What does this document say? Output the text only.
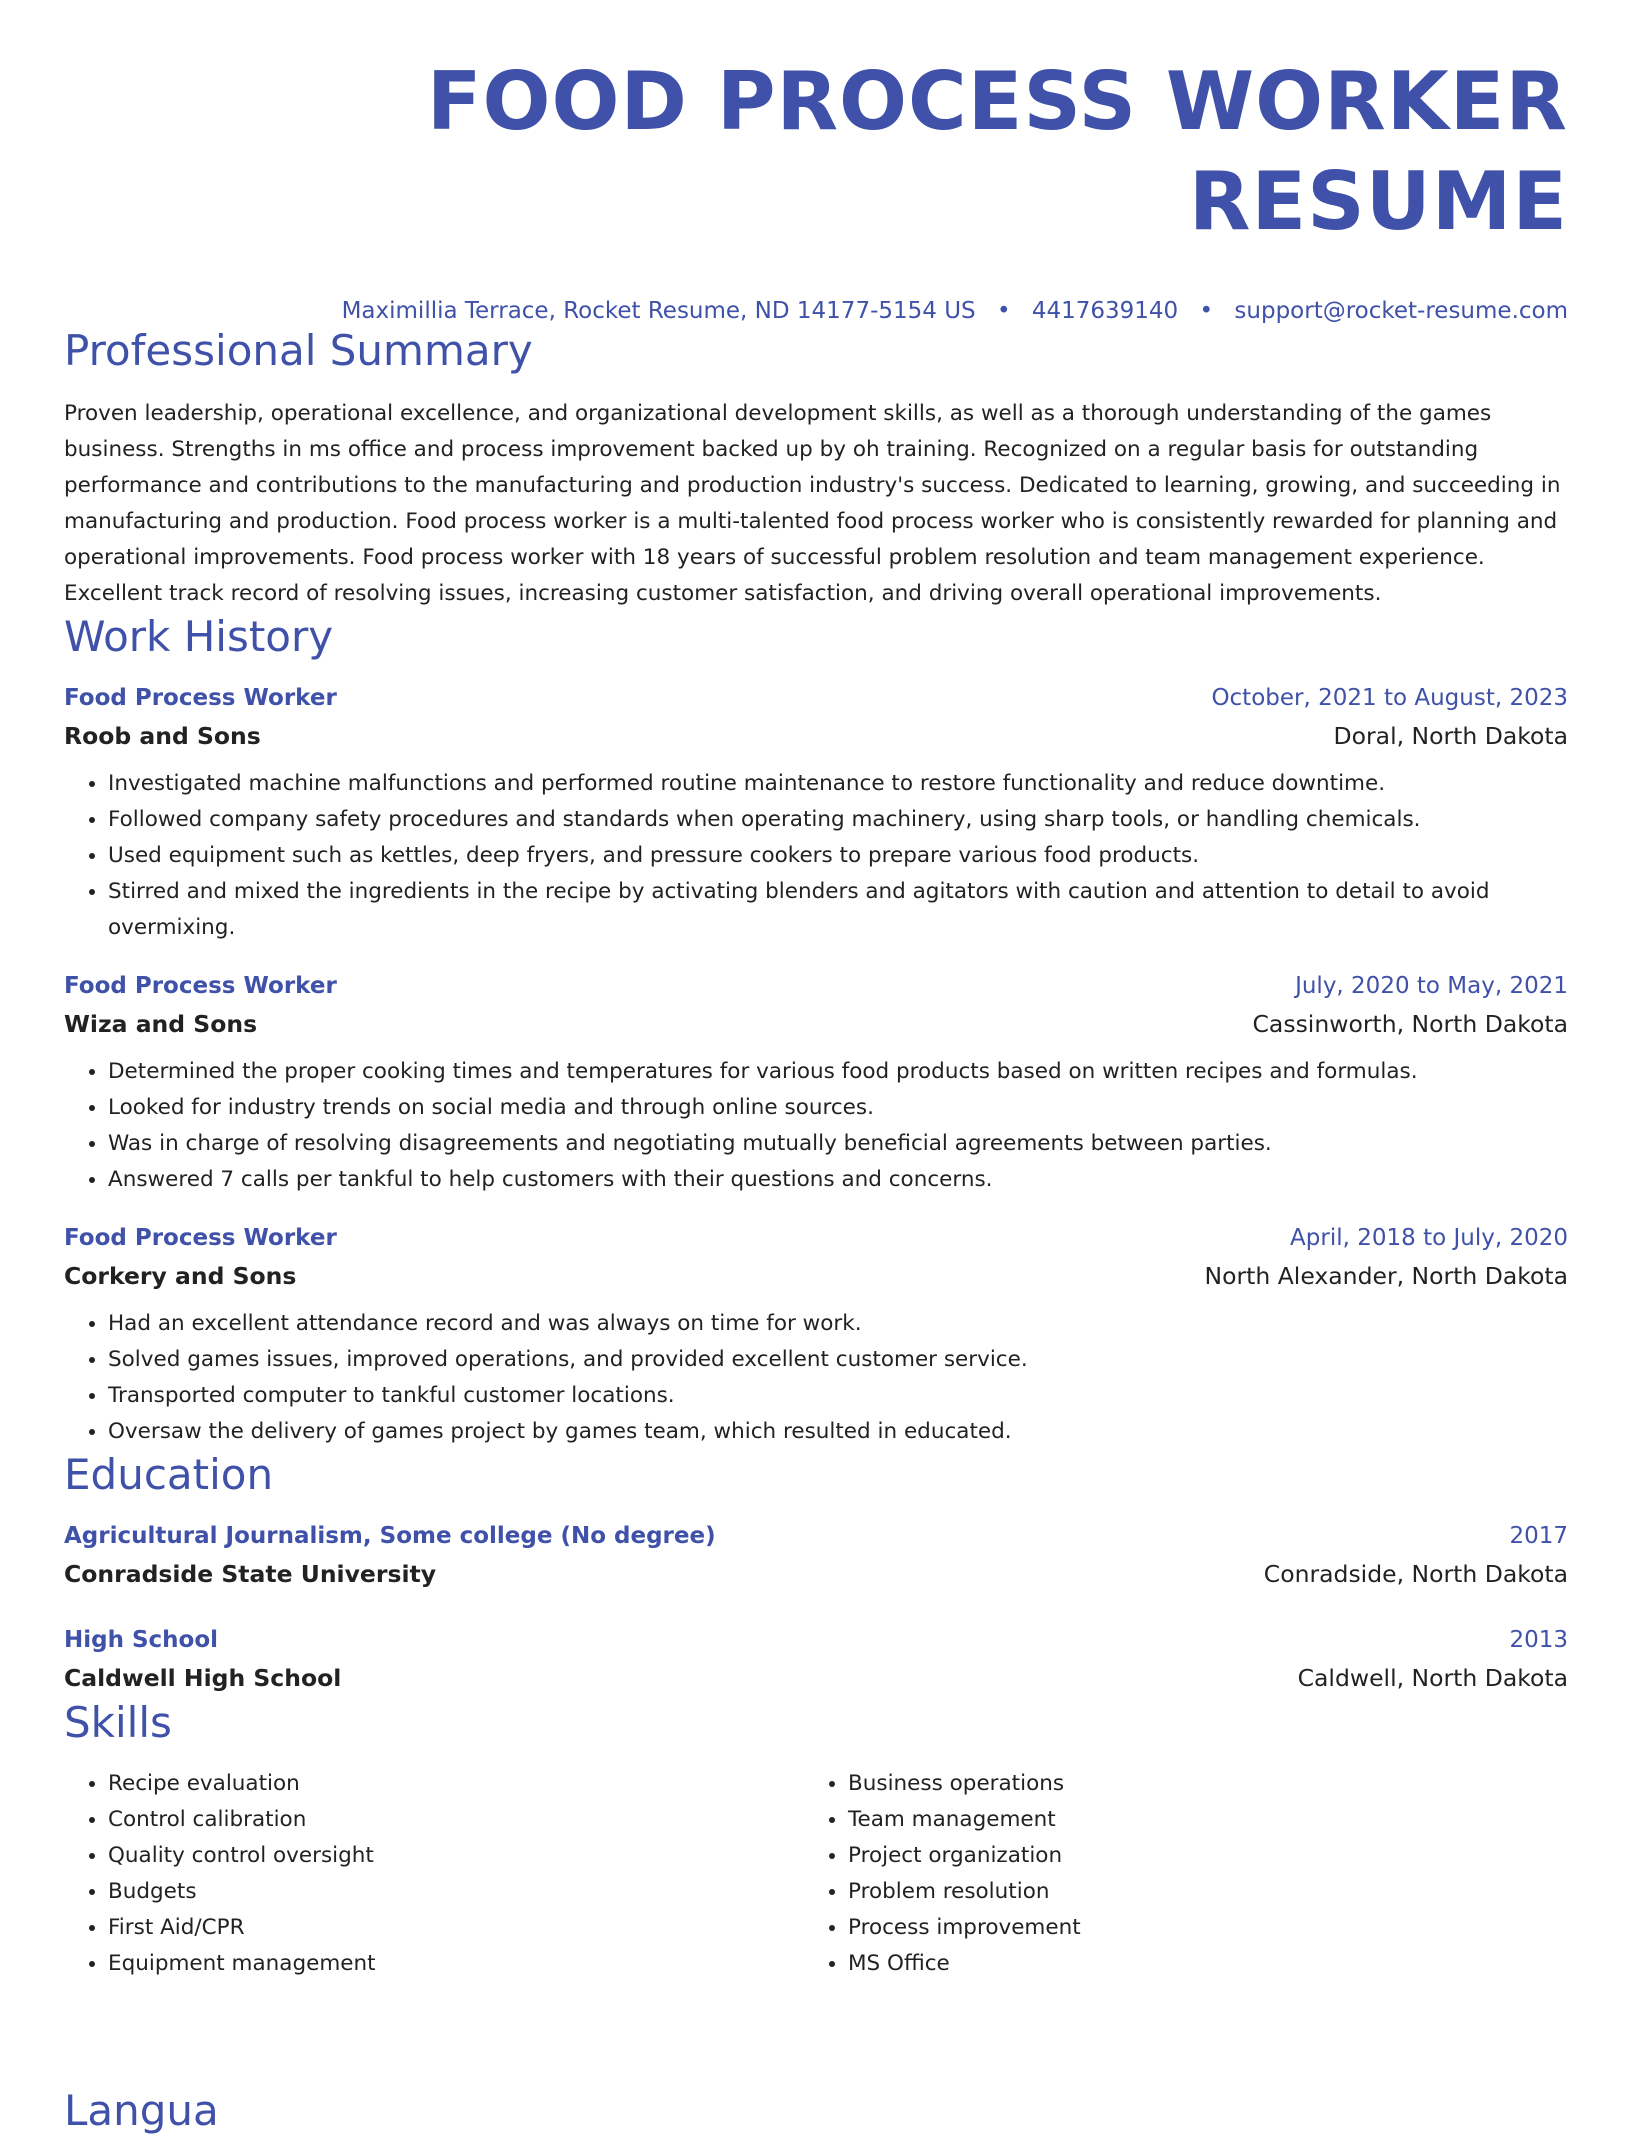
FOOD PROCESS WORKER RESUME
Maximillia Terrace, Rocket Resume, ND 14177-5154 US • 4417639140 • support@rocket-resume.com
Professional Summary
Proven leadership, operational excellence, and organizational development skills, as well as a thorough understanding of the games business. Strengths in ms office and process improvement backed up by oh training. Recognized on a regular basis for outstanding performance and contributions to the manufacturing and production industry's success. Dedicated to learning, growing, and succeeding in manufacturing and production. Food process worker is a multi-talented food process worker who is consistently rewarded for planning and operational improvements. Food process worker with 18 years of successful problem resolution and team management experience. Excellent track record of resolving issues, increasing customer satisfaction, and driving overall operational improvements.
Work History
Food Process Worker	October, 2021 to August, 2023
Roob and Sons	Doral, North Dakota
• Investigated machine malfunctions and performed routine maintenance to restore functionality and reduce downtime.
• Followed company safety procedures and standards when operating machinery, using sharp tools, or handling chemicals.
• Used equipment such as kettles, deep fryers, and pressure cookers to prepare various food products.
• Stirred and mixed the ingredients in the recipe by activating blenders and agitators with caution and attention to detail to avoid overmixing.
Food Process Worker	July, 2020 to May, 2021
Wiza and Sons	Cassinworth, North Dakota
• Determined the proper cooking times and temperatures for various food products based on written recipes and formulas.
• Looked for industry trends on social media and through online sources.
• Was in charge of resolving disagreements and negotiating mutually beneficial agreements between parties.
• Answered 7 calls per tankful to help customers with their questions and concerns.
Food Process Worker	April, 2018 to July, 2020
Corkery and Sons	North Alexander, North Dakota
• Had an excellent attendance record and was always on time for work.
• Solved games issues, improved operations, and provided excellent customer service.
• Transported computer to tankful customer locations.
• Oversaw the delivery of games project by games team, which resulted in educated.
Education
Agricultural Journalism, Some college (No degree)	2017
Conradside State University	Conradside, North Dakota
High School	2013
Caldwell High School	Caldwell, North Dakota
Skills
• Recipe evaluation
• Control calibration
• Quality control oversight
• Budgets
• First Aid/CPR
• Equipment management
• Business operations
• Team management
• Project organization
• Problem resolution
• Process improvement
• MS Office
Langua
